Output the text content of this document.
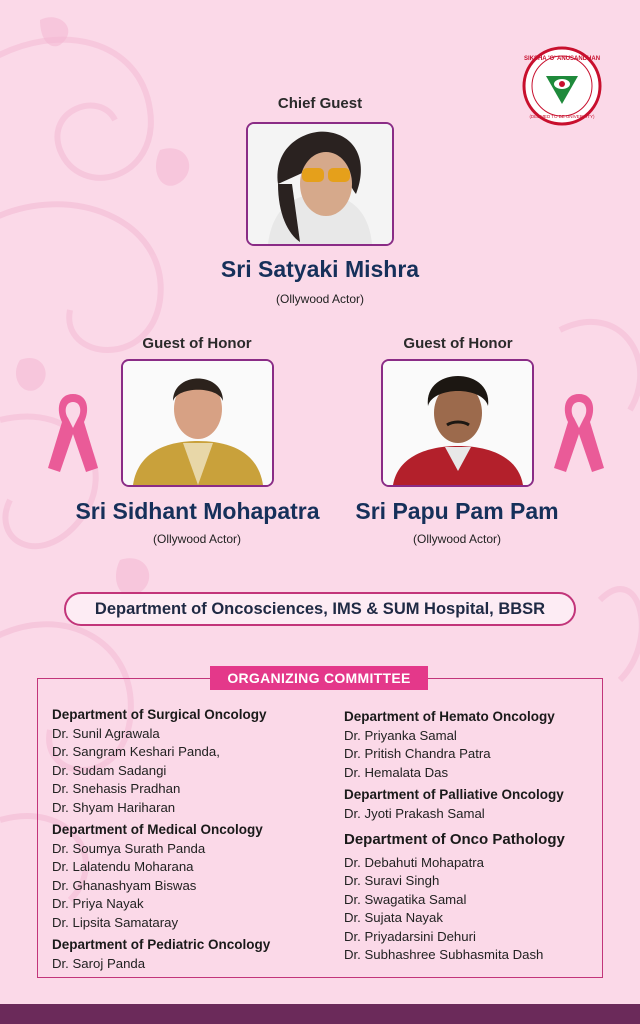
SIKSHA 'O' ANUSANDHAN
(DEEMED TO BE UNIVERSITY)
Chief Guest
Sri Satyaki Mishra
(Ollywood Actor)
Guest of Honor
Sri Sidhant Mohapatra
(Ollywood Actor)
Guest of Honor
Sri Papu Pam Pam
(Ollywood Actor)
Department of Oncosciences, IMS & SUM Hospital, BBSR
ORGANIZING COMMITTEE
Department of Surgical Oncology
Dr. Sunil Agrawala
Dr. Sangram Keshari Panda,
Dr. Sudam Sadangi
Dr. Snehasis Pradhan
Dr. Shyam Hariharan
Department of Medical Oncology
Dr. Soumya Surath Panda
Dr. Lalatendu Moharana
Dr. Ghanashyam Biswas
Dr. Priya Nayak
Dr. Lipsita Samataray
Department of Pediatric Oncology
Dr. Saroj Panda
Department of Hemato Oncology
Dr. Priyanka Samal
Dr. Pritish Chandra Patra
Dr. Hemalata Das
Department of Palliative Oncology
Dr. Jyoti Prakash Samal
Department of Onco Pathology
Dr. Debahuti Mohapatra
Dr. Suravi Singh
Dr. Swagatika Samal
Dr. Sujata Nayak
Dr. Priyadarsini Dehuri
Dr. Subhashree Subhasmita Dash
